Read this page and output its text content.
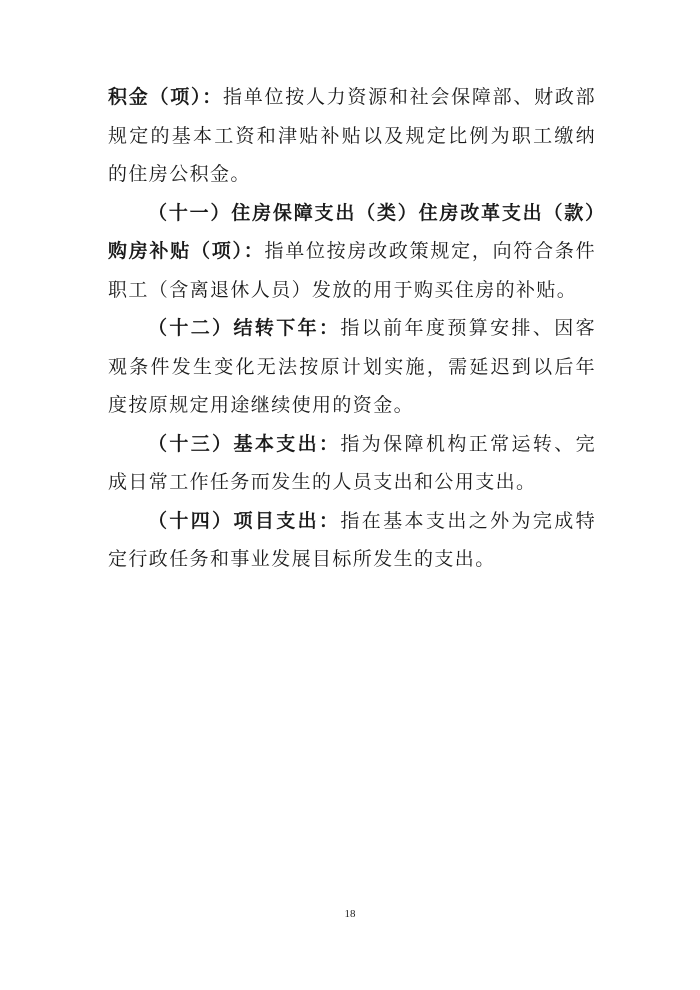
积金（项）：指单位按人力资源和社会保障部、财政部规定的基本工资和津贴补贴以及规定比例为职工缴纳的住房公积金。

（十一）住房保障支出（类）住房改革支出（款）购房补贴（项）：指单位按房改政策规定，向符合条件职工（含离退休人员）发放的用于购买住房的补贴。

（十二）结转下年：指以前年度预算安排、因客观条件发生变化无法按原计划实施，需延迟到以后年度按原规定用途继续使用的资金。

（十三）基本支出：指为保障机构正常运转、完成日常工作任务而发生的人员支出和公用支出。

（十四）项目支出：指在基本支出之外为完成特定行政任务和事业发展目标所发生的支出。

18
